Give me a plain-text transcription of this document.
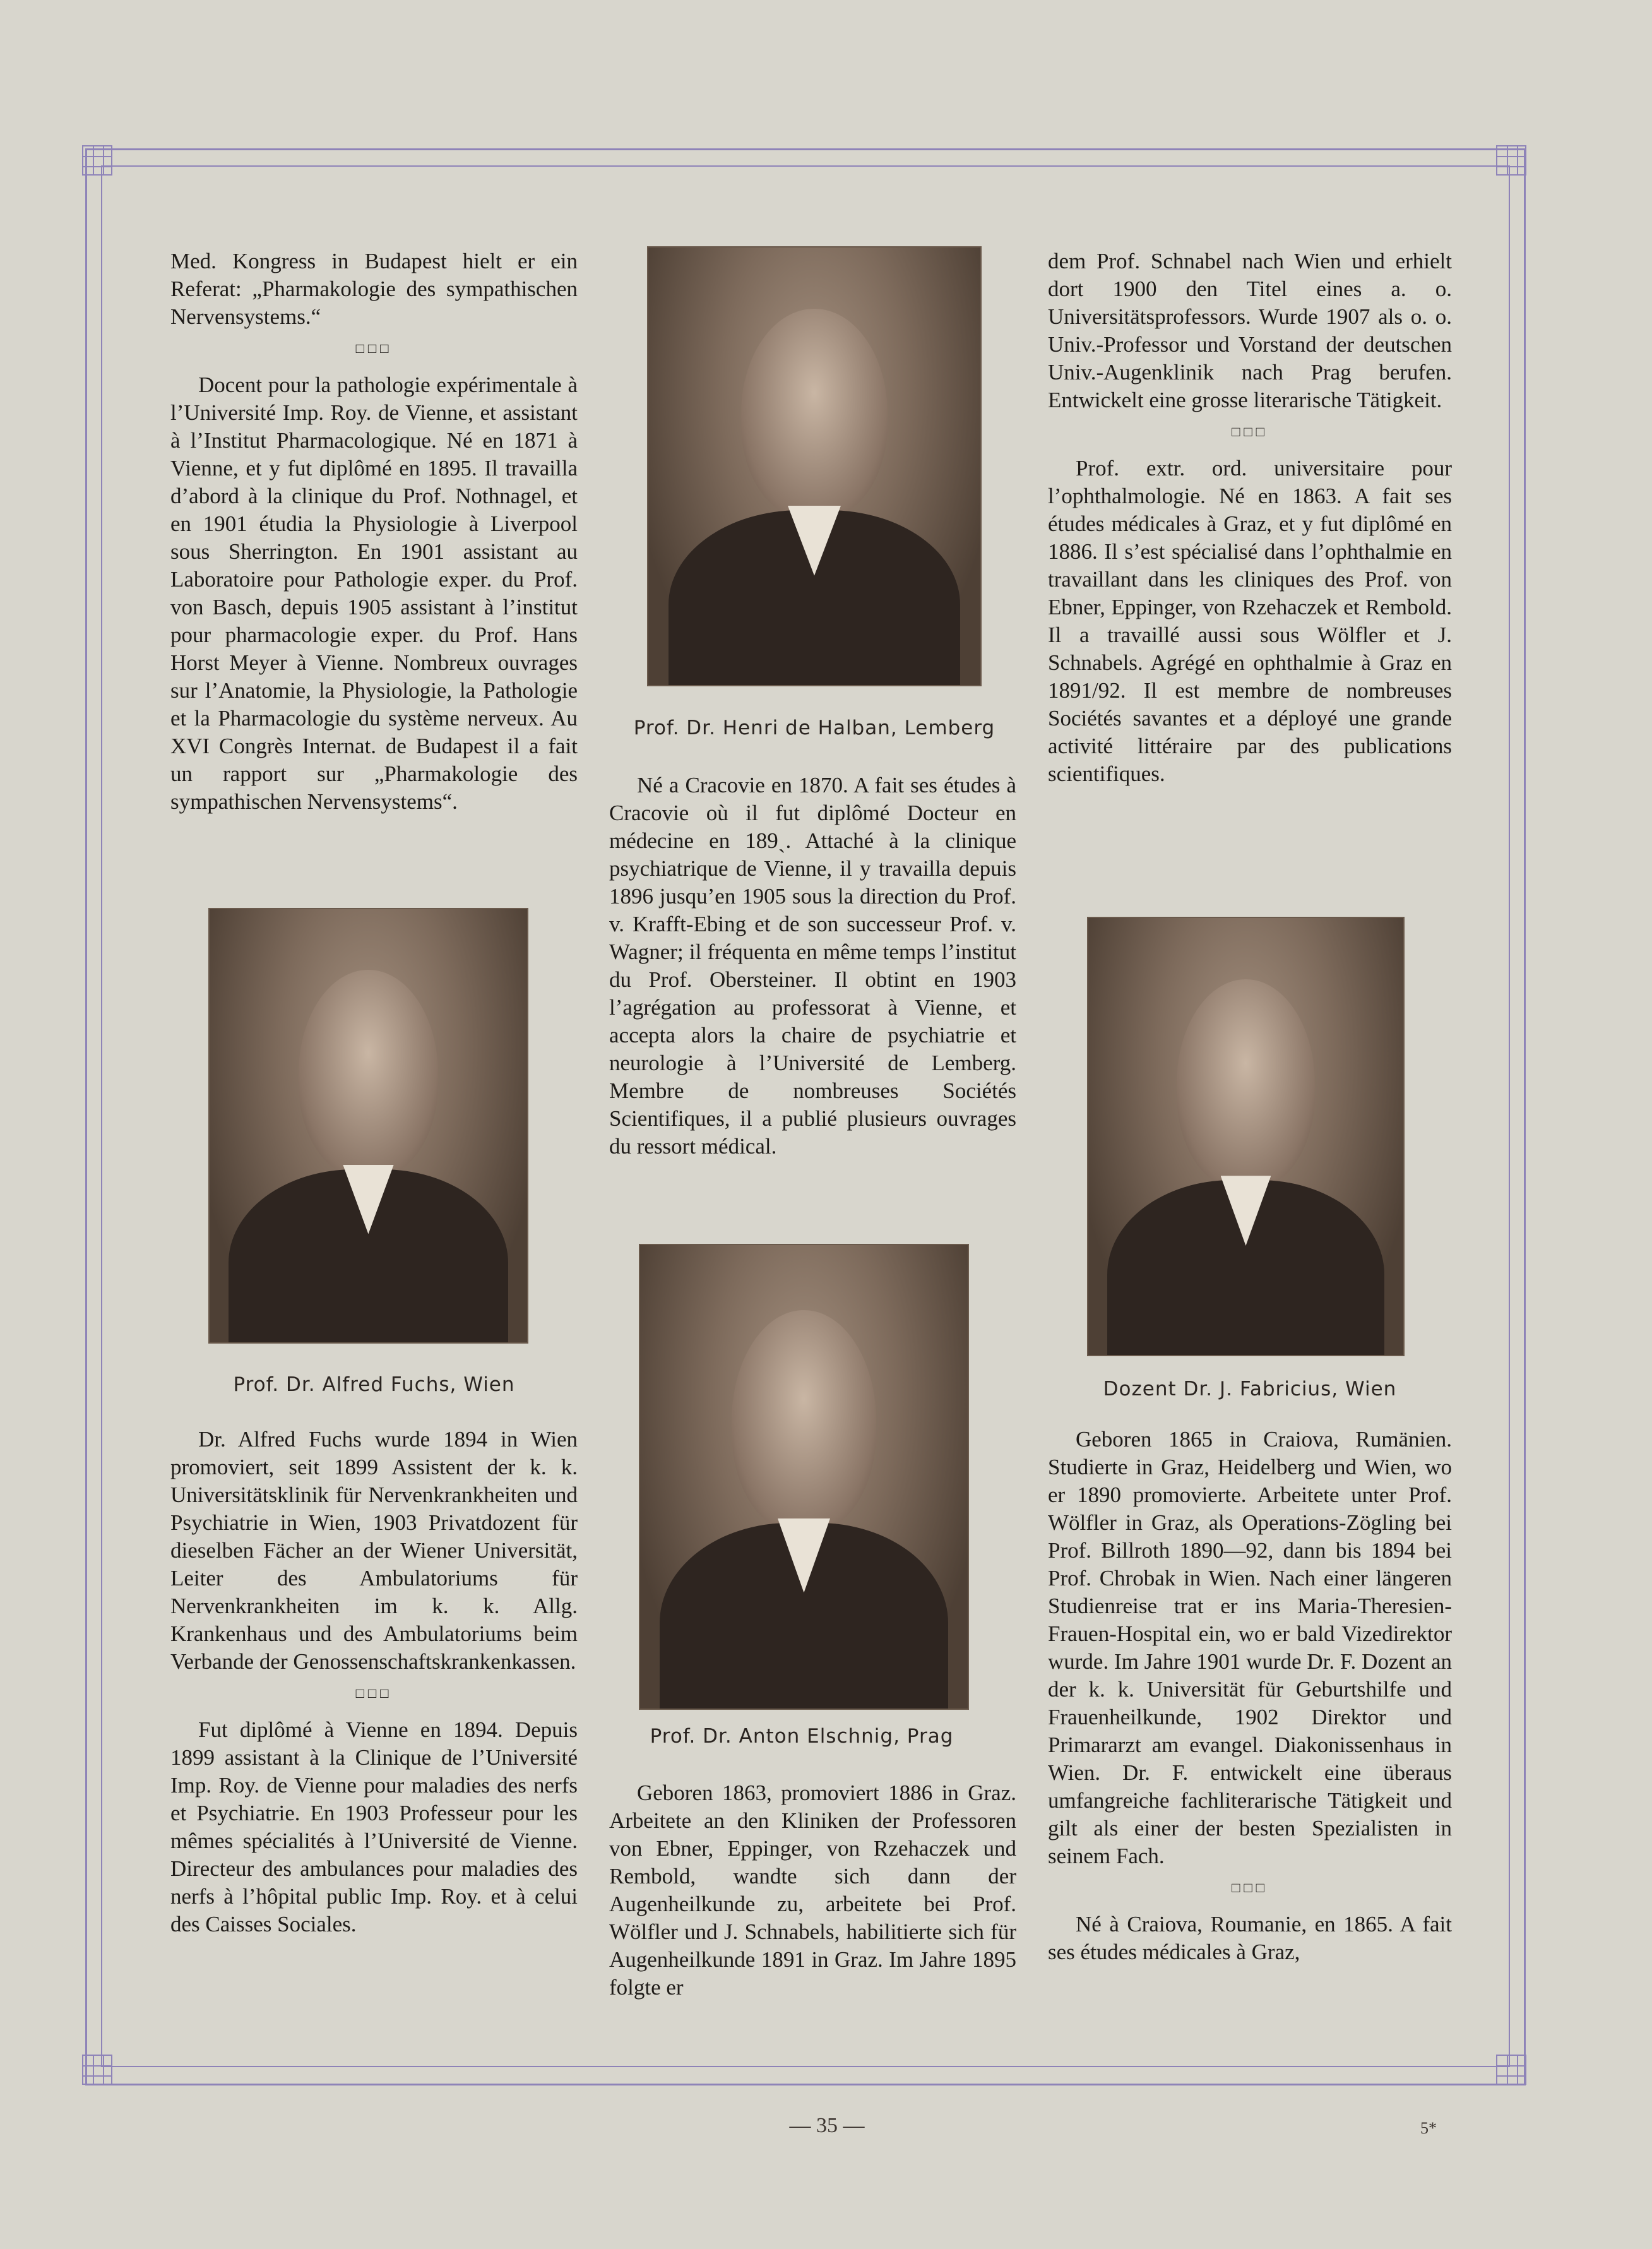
Med. Kongress in Budapest hielt er ein Referat: „Pharmakologie des sympathischen Nervensystems.“

□□□

Docent pour la pathologie expérimentale à l’Université Imp. Roy. de Vienne, et assistant à l’Institut Pharmacologique. Né en 1871 à Vienne, et y fut diplômé en 1895. Il travailla d’abord à la clinique du Prof. Nothnagel, et en 1901 étudia la Physiologie à Liverpool sous Sherrington. En 1901 assistant au Laboratoire pour Pathologie exper. du Prof. von Basch, depuis 1905 assistant à l’institut pour pharmacologie exper. du Prof. Hans Horst Meyer à Vienne. Nombreux ouvrages sur l’Anatomie, la Physiologie, la Pathologie et la Pharmacologie du système nerveux. Au XVI Congrès Internat. de Budapest il a fait un rapport sur „Pharmakologie des sympathischen Nervensystems“.

Prof. Dr. Alfred Fuchs, Wien

Dr. Alfred Fuchs wurde 1894 in Wien promoviert, seit 1899 Assistent der k. k. Universitätsklinik für Nervenkrankheiten und Psychiatrie in Wien, 1903 Privatdozent für dieselben Fächer an der Wiener Universität, Leiter des Ambulatoriums für Nervenkrankheiten im k. k. Allg. Krankenhaus und des Ambulatoriums beim Verbande der Genossenschaftskrankenkassen.

□□□

Fut diplômé à Vienne en 1894. Depuis 1899 assistant à la Clinique de l’Université Imp. Roy. de Vienne pour maladies des nerfs et Psychiatrie. En 1903 Professeur pour les mêmes spécialités à l’Université de Vienne. Directeur des ambulances pour maladies des nerfs à l’hôpital public Imp. Roy. et à celui des Caisses Sociales.

Prof. Dr. Henri de Halban, Lemberg

Né a Cracovie en 1870. A fait ses études à Cracovie où il fut diplômé Docteur en médecine en 189ˎ. Attaché à la clinique psychiatrique de Vienne, il y travailla depuis 1896 jusqu’en 1905 sous la direction du Prof. v. Krafft-Ebing et de son successeur Prof. v. Wagner; il fréquenta en même temps l’institut du Prof. Obersteiner. Il obtint en 1903 l’agrégation au professorat à Vienne, et accepta alors la chaire de psychiatrie et neurologie à l’Université de Lemberg. Membre de nombreuses Sociétés Scientifiques, il a publié plusieurs ouvrages du ressort médical.

Prof. Dr. Anton Elschnig, Prag

Geboren 1863, promoviert 1886 in Graz. Arbeitete an den Kliniken der Professoren von Ebner, Eppinger, von Rzehaczek und Rembold, wandte sich dann der Augenheilkunde zu, arbeitete bei Prof. Wölfler und J. Schnabels, habilitierte sich für Augenheilkunde 1891 in Graz. Im Jahre 1895 folgte er

dem Prof. Schnabel nach Wien und erhielt dort 1900 den Titel eines a. o. Universitätsprofessors. Wurde 1907 als o. o. Univ.-Professor und Vorstand der deutschen Univ.-Augenklinik nach Prag berufen. Entwickelt eine grosse literarische Tätigkeit.

□□□

Prof. extr. ord. universitaire pour l’ophthalmologie. Né en 1863. A fait ses études médicales à Graz, et y fut diplômé en 1886. Il s’est spécialisé dans l’ophthalmie en travaillant dans les cliniques des Prof. von Ebner, Eppinger, von Rzehaczek et Rembold. Il a travaillé aussi sous Wölfler et J. Schnabels. Agrégé en ophthalmie à Graz en 1891/92. Il est membre de nombreuses Sociétés savantes et a déployé une grande activité littéraire par des publications scientifiques.

Dozent Dr. J. Fabricius, Wien

Geboren 1865 in Craiova, Rumänien. Studierte in Graz, Heidelberg und Wien, wo er 1890 promovierte. Arbeitete unter Prof. Wölfler in Graz, als Operations-Zögling bei Prof. Billroth 1890—92, dann bis 1894 bei Prof. Chrobak in Wien. Nach einer längeren Studienreise trat er ins Maria-Theresien-Frauen-Hospital ein, wo er bald Vizedirektor wurde. Im Jahre 1901 wurde Dr. F. Dozent an der k. k. Universität für Geburtshilfe und Frauenheilkunde, 1902 Direktor und Primararzt am evangel. Diakonissenhaus in Wien. Dr. F. entwickelt eine überaus umfangreiche fachliterarische Tätigkeit und gilt als einer der besten Spezialisten in seinem Fach.

□□□

Né à Craiova, Roumanie, en 1865. A fait ses études médicales à Graz,

— 35 —	5*
